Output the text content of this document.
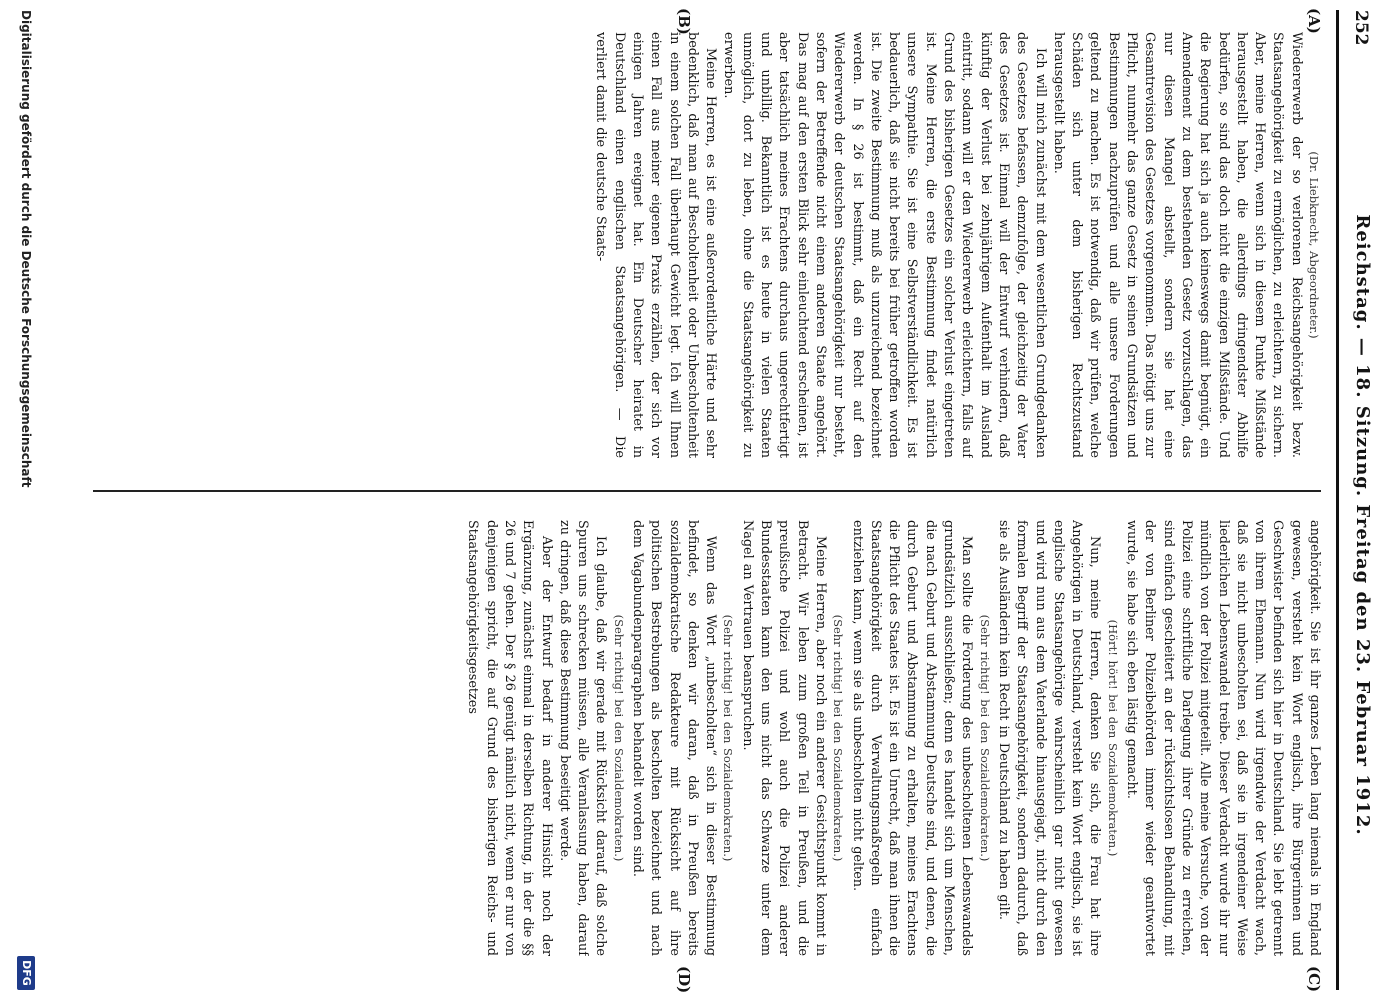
252
Reichstag. — 18. Sitzung. Freitag den 23. Februar 1912.
(A)
(B)
(C)
(D)

(Dr. Liebknecht, Abgeordneter.)

Wiedererwerb der so verlorenen Reichsangehörigkeit bezw. Staatsangehörigkeit zu ermöglichen, zu erleichtern, zu sichern. Aber, meine Herren, wenn sich in diesem Punkte Mißstände herausgestellt haben, die allerdings dringendster Abhilfe bedürfen, so sind das doch nicht die einzigen Mißstände. Und die Regierung hat sich ja auch keineswegs damit begnügt, ein Amendement zu dem bestehenden Gesetz vorzuschlagen, das nur diesen Mangel abstellt, sondern sie hat eine Gesamtrevision des Gesetzes vorgenommen. Das nötigt uns zur Pflicht, nunmehr das ganze Gesetz in seinen Grundsätzen und Bestimmungen nachzuprüfen und alle unsere Forderungen geltend zu machen. Es ist notwendig, daß wir prüfen, welche Schäden sich unter dem bisherigen Rechtszustand herausgestellt haben.

Ich will mich zunächst mit dem wesentlichen Grundgedanken des Gesetzes befassen, demzufolge, der gleichzeitig der Vater des Gesetzes ist. Einmal will der Entwurf verhindern, daß künftig der Verlust bei zehnjährigem Aufenthalt im Ausland eintritt, sodann will er den Wiedererwerb erleichtern, falls auf Grund des bisherigen Gesetzes ein solcher Verlust eingetreten ist. Meine Herren, die erste Bestimmung findet natürlich unsere Sympathie. Sie ist eine Selbstverständlichkeit. Es ist bedauerlich, daß sie nicht bereits bei früher getroffen worden ist. Die zweite Bestimmung muß als unzureichend bezeichnet werden. In § 26 ist bestimmt, daß ein Recht auf den Wiedererwerb der deutschen Staatsangehörigkeit nur besteht, sofern der Betreffende nicht einem anderen Staate angehört. Das mag auf den ersten Blick sehr einleuchtend erscheinen, ist aber tatsächlich meines Erachtens durchaus ungerechtfertigt und unbillig. Bekanntlich ist es heute in vielen Staaten unmöglich, dort zu leben, ohne die Staatsangehörigkeit zu erwerben.

Meine Herren, es ist eine außerordentliche Härte und sehr bedenklich, daß man auf Bescholtenheit oder Unbescholtenheit in einem solchen Fall überhaupt Gewicht legt. Ich will Ihnen einen Fall aus meiner eigenen Praxis erzählen, der sich vor einigen Jahren ereignet hat. Ein Deutscher heiratet in Deutschland einen englischen Staatsangehörigen. — Die verliert damit die deutsche Staats-

angehörigkeit. Sie ist ihr ganzes Leben lang niemals in England gewesen, versteht kein Wort englisch, ihre Bürgerinnen und Geschwister befinden sich hier in Deutschland. Sie lebt getrennt von ihrem Ehemann. Nun wird irgendwie der Verdacht wach, daß sie nicht unbescholten sei, daß sie in irgendeiner Weise liederlichen Lebenswandel treibe. Dieser Verdacht wurde ihr nur mündlich von der Polizei mitgeteilt. Alle meine Versuche, von der Polizei eine schriftliche Darlegung ihrer Gründe zu erreichen, sind einfach gescheitert an der rücksichtslosen Behandlung, mit der von Berliner Polizeibehörden immer wieder geantwortet wurde, sie habe sich eben lästig gemacht.

(Hört! hört! bei den Sozialdemokraten.)

Nun, meine Herren, denken Sie sich, die Frau hat ihre Angehörigen in Deutschland, versteht kein Wort englisch, sie ist englische Staatsangehörige wahrscheinlich gar nicht gewesen und wird nun aus dem Vaterlande hinausgejagt, nicht durch den formalen Begriff der Staatsangehörigkeit, sondern dadurch, daß sie als Ausländerin kein Recht in Deutschland zu haben gilt.

(Sehr richtig! bei den Sozialdemokraten.)

Man sollte die Forderung des unbescholtenen Lebenswandels grundsätzlich ausschließen; denn es handelt sich um Menschen, die nach Geburt und Abstammung Deutsche sind, und denen, die durch Geburt und Abstammung zu erhalten, meines Erachtens die Pflicht des Staates ist. Es ist ein Unrecht, daß man ihnen die Staatsangehörigkeit durch Verwaltungsmaßregeln einfach entziehen kann, wenn sie als unbescholten nicht gelten.

(Sehr richtig! bei den Sozialdemokraten.)

Meine Herren, aber noch ein anderer Gesichtspunkt kommt in Betracht. Wir leben zum großen Teil in Preußen, und die preußische Polizei und wohl auch die Polizei anderer Bundesstaaten kann den uns nicht das Schwarze unter dem Nagel an Vertrauen beanspruchen.

(Sehr richtig! bei den Sozialdemokraten.)

Wenn das Wort „unbescholten“ sich in dieser Bestimmung befindet, so denken wir daran, daß in Preußen bereits sozialdemokratische Redakteure mit Rücksicht auf ihre politischen Bestrebungen als bescholten bezeichnet und nach dem Vagabundenparagraphen behandelt worden sind.

(Sehr richtig! bei den Sozialdemokraten.)

Ich glaube, daß wir gerade mit Rücksicht darauf, daß solche Spuren uns schrecken müssen, alle Veranlassung haben, darauf zu dringen, daß diese Bestimmung beseitigt werde.

Aber der Entwurf bedarf in anderer Hinsicht noch der Ergänzung, zunächst einmal in derselben Richtung, in der die §§ 26 und 7 gehen. Der § 26 genügt nämlich nicht, wenn er nur von denjenigen spricht, die auf Grund des bisherigen Reichs- und Staatsangehörigkeitsgesetzes

Digitalisierung gefördert durch die Deutsche Forschungsgemeinschaft
DFG
